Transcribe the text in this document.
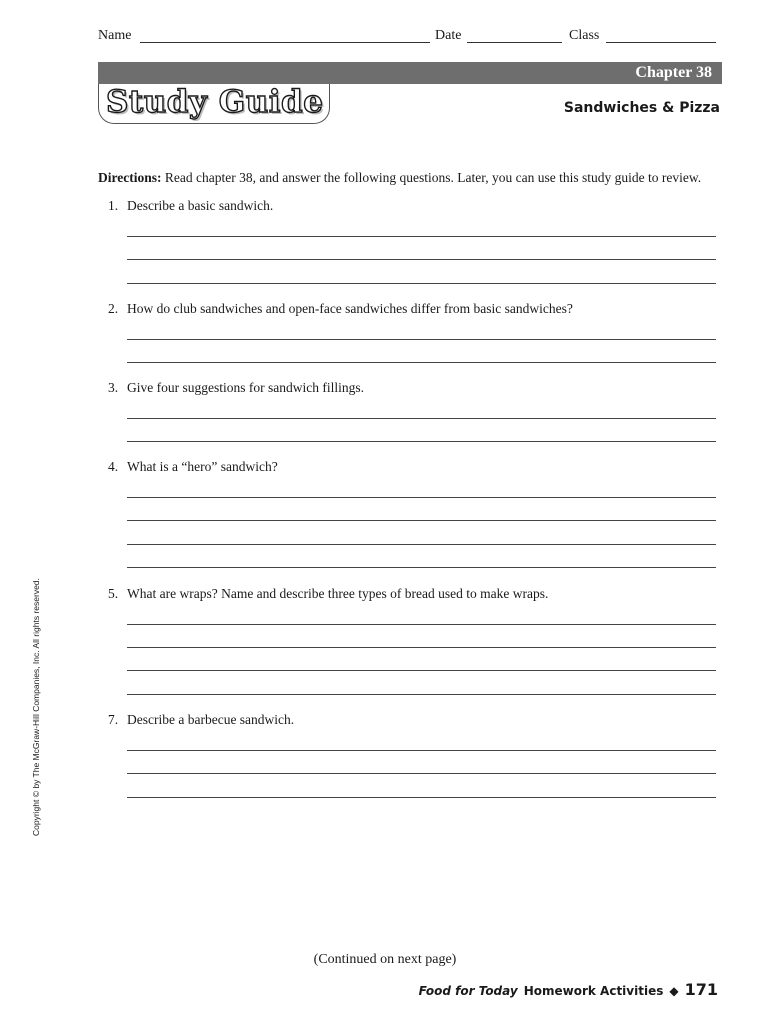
Name	Date	Class
Chapter 38
Study Guide	Sandwiches & Pizza
Directions: Read chapter 38, and answer the following questions. Later, you can use this study guide to review.
1. Describe a basic sandwich.
2. How do club sandwiches and open-face sandwiches differ from basic sandwiches?
3. Give four suggestions for sandwich fillings.
4. What is a “hero” sandwich?
5. What are wraps? Name and describe three types of bread used to make wraps.
7. Describe a barbecue sandwich.
Copyright © by The McGraw-Hill Companies, Inc. All rights reserved.
(Continued on next page)
Food for Today Homework Activities ◆ 171
